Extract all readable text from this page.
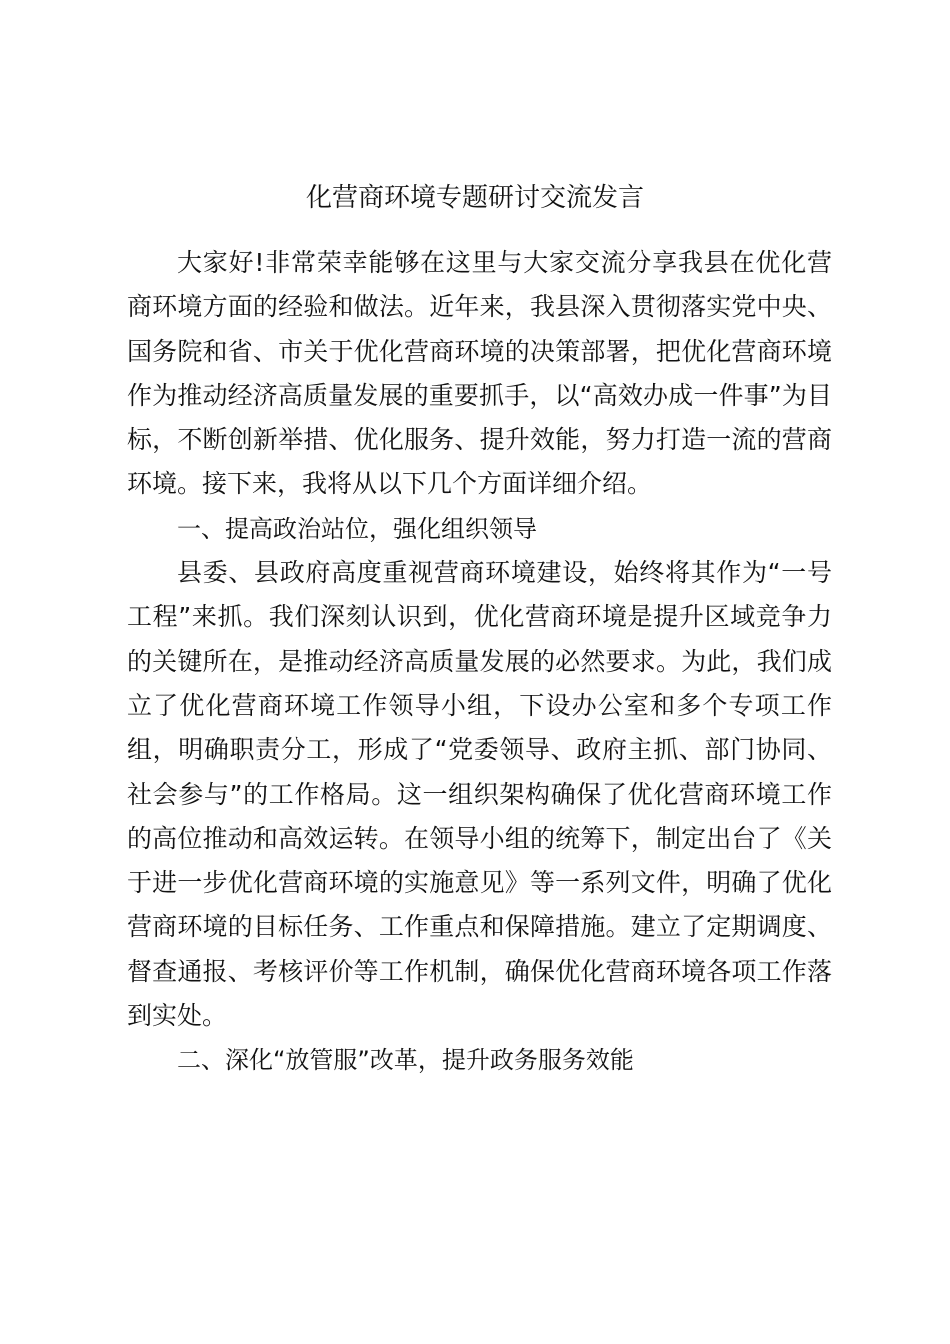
化营商环境专题研讨交流发言

大家好!非常荣幸能够在这里与大家交流分享我县在优化营商环境方面的经验和做法。近年来，我县深入贯彻落实党中央、国务院和省、市关于优化营商环境的决策部署，把优化营商环境作为推动经济高质量发展的重要抓手，以“高效办成一件事”为目标，不断创新举措、优化服务、提升效能，努力打造一流的营商环境。接下来，我将从以下几个方面详细介绍。

一、提高政治站位，强化组织领导

县委、县政府高度重视营商环境建设，始终将其作为“一号工程”来抓。我们深刻认识到，优化营商环境是提升区域竞争力的关键所在，是推动经济高质量发展的必然要求。为此，我们成立了优化营商环境工作领导小组，下设办公室和多个专项工作组，明确职责分工，形成了“党委领导、政府主抓、部门协同、社会参与”的工作格局。这一组织架构确保了优化营商环境工作的高位推动和高效运转。在领导小组的统筹下，制定出台了《关于进一步优化营商环境的实施意见》等一系列文件，明确了优化营商环境的目标任务、工作重点和保障措施。建立了定期调度、督查通报、考核评价等工作机制，确保优化营商环境各项工作落到实处。

二、深化“放管服”改革，提升政务服务效能
